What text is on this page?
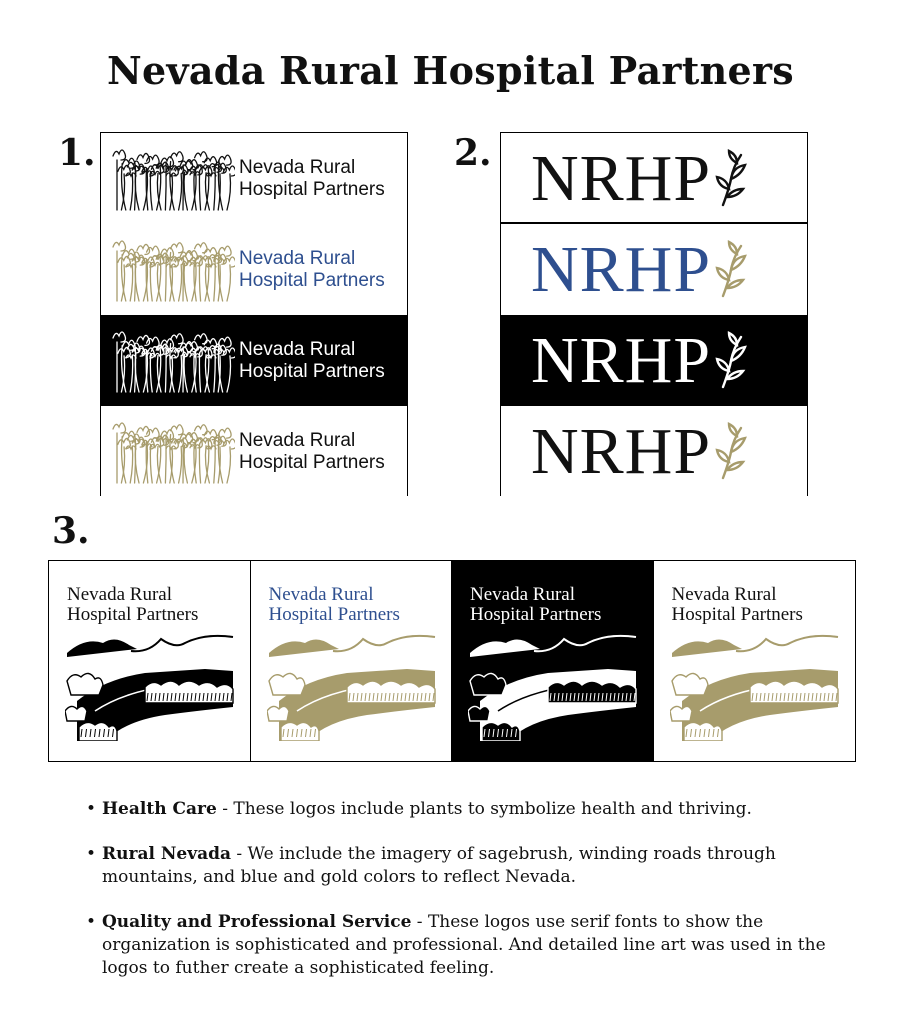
Nevada Rural Hospital Partners
1.	2.
3.
Nevada Rural
Hospital Partners
Nevada Rural
Hospital Partners
Nevada Rural
Hospital Partners
Nevada Rural
Hospital Partners
NRHP
NRHP
NRHP
NRHP
Nevada Rural
Hospital Partners
Nevada Rural
Hospital Partners
Nevada Rural
Hospital Partners
Nevada Rural
Hospital Partners
• Health Care - These logos include plants to symbolize health and thriving.
• Rural Nevada - We include the imagery of sagebrush, winding roads through mountains, and blue and gold colors to reflect Nevada.
• Quality and Professional Service - These logos use serif fonts to show the organization is sophisticated and professional. And detailed line art was used in the logos to futher create a sophisticated feeling.
